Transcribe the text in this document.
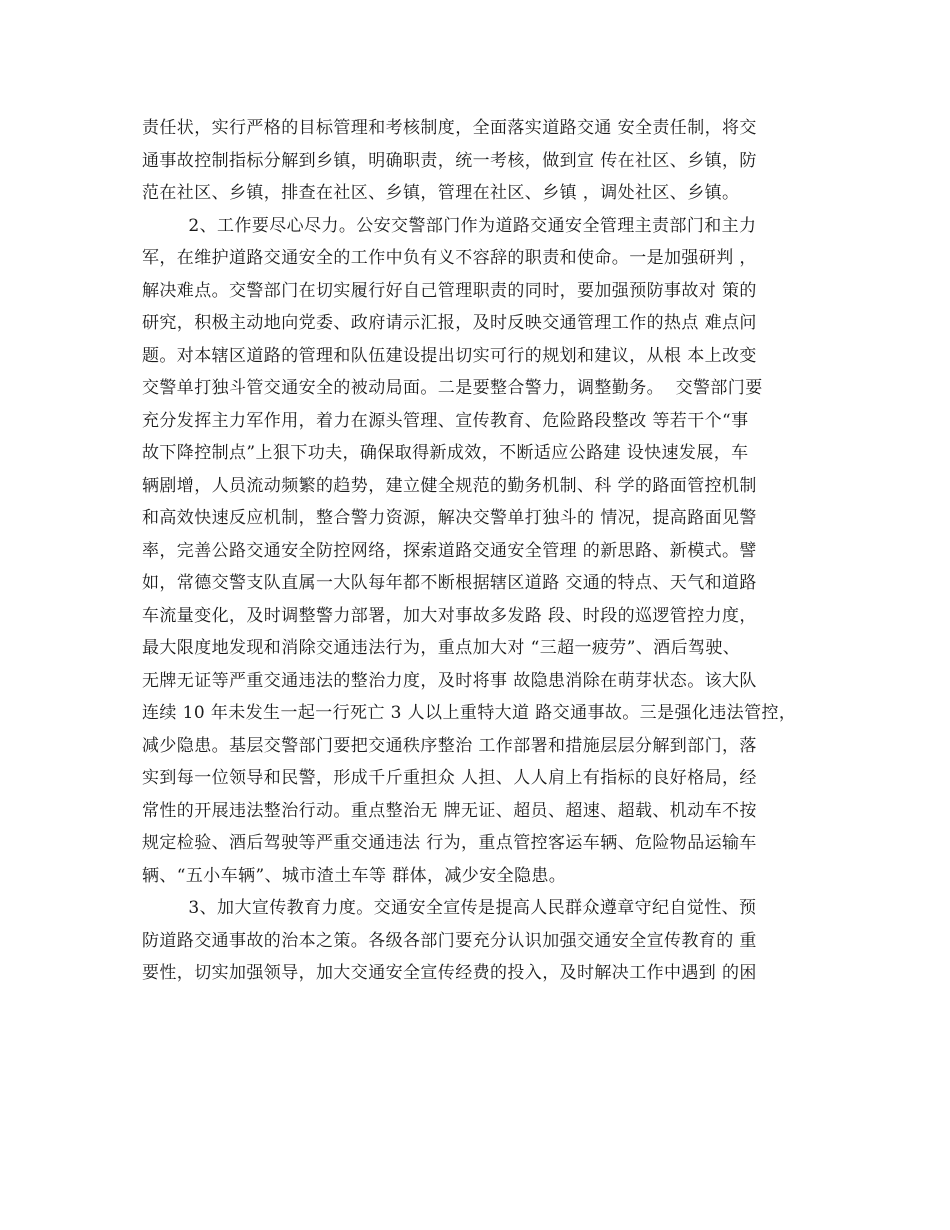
责任状，实行严格的目标管理和考核制度，全面落实道路交通 安全责任制，将交
通事故控制指标分解到乡镇，明确职责，统一考核，做到宣 传在社区、乡镇，防
范在社区、乡镇，排查在社区、乡镇，管理在社区、乡镇 ，调处社区、乡镇。
2、工作要尽心尽力。公安交警部门作为道路交通安全管理主责部门和主力
军，在维护道路交通安全的工作中负有义不容辞的职责和使命。一是加强研判 ，
解决难点。交警部门在切实履行好自己管理职责的同时，要加强预防事故对 策的
研究，积极主动地向党委、政府请示汇报，及时反映交通管理工作的热点 难点问
题。对本辖区道路的管理和队伍建设提出切实可行的规划和建议，从根 本上改变
交警单打独斗管交通安全的被动局面。二是要整合警力，调整勤务。  交警部门要
充分发挥主力军作用，着力在源头管理、宣传教育、危险路段整改 等若干个“事
故下降控制点”上狠下功夫，确保取得新成效，不断适应公路建 设快速发展，车
辆剧增，人员流动频繁的趋势，建立健全规范的勤务机制、科 学的路面管控机制
和高效快速反应机制，整合警力资源，解决交警单打独斗的 情况，提高路面见警
率，完善公路交通安全防控网络，探索道路交通安全管理 的新思路、新模式。譬
如，常德交警支队直属一大队每年都不断根据辖区道路 交通的特点、天气和道路
车流量变化，及时调整警力部署，加大对事故多发路 段、时段的巡逻管控力度，
最大限度地发现和消除交通违法行为，重点加大对 “三超一疲劳”、酒后驾驶、
无牌无证等严重交通违法的整治力度，及时将事 故隐患消除在萌芽状态。该大队
连续 10 年未发生一起一行死亡 3 人以上重特大道 路交通事故。三是强化违法管控，
减少隐患。基层交警部门要把交通秩序整治 工作部署和措施层层分解到部门，落
实到每一位领导和民警，形成千斤重担众 人担、人人肩上有指标的良好格局，经
常性的开展违法整治行动。重点整治无 牌无证、超员、超速、超载、机动车不按
规定检验、酒后驾驶等严重交通违法 行为，重点管控客运车辆、危险物品运输车
辆、“五小车辆”、城市渣土车等 群体，减少安全隐患。
3、加大宣传教育力度。交通安全宣传是提高人民群众遵章守纪自觉性、预
防道路交通事故的治本之策。各级各部门要充分认识加强交通安全宣传教育的 重
要性，切实加强领导，加大交通安全宣传经费的投入，及时解决工作中遇到 的困
